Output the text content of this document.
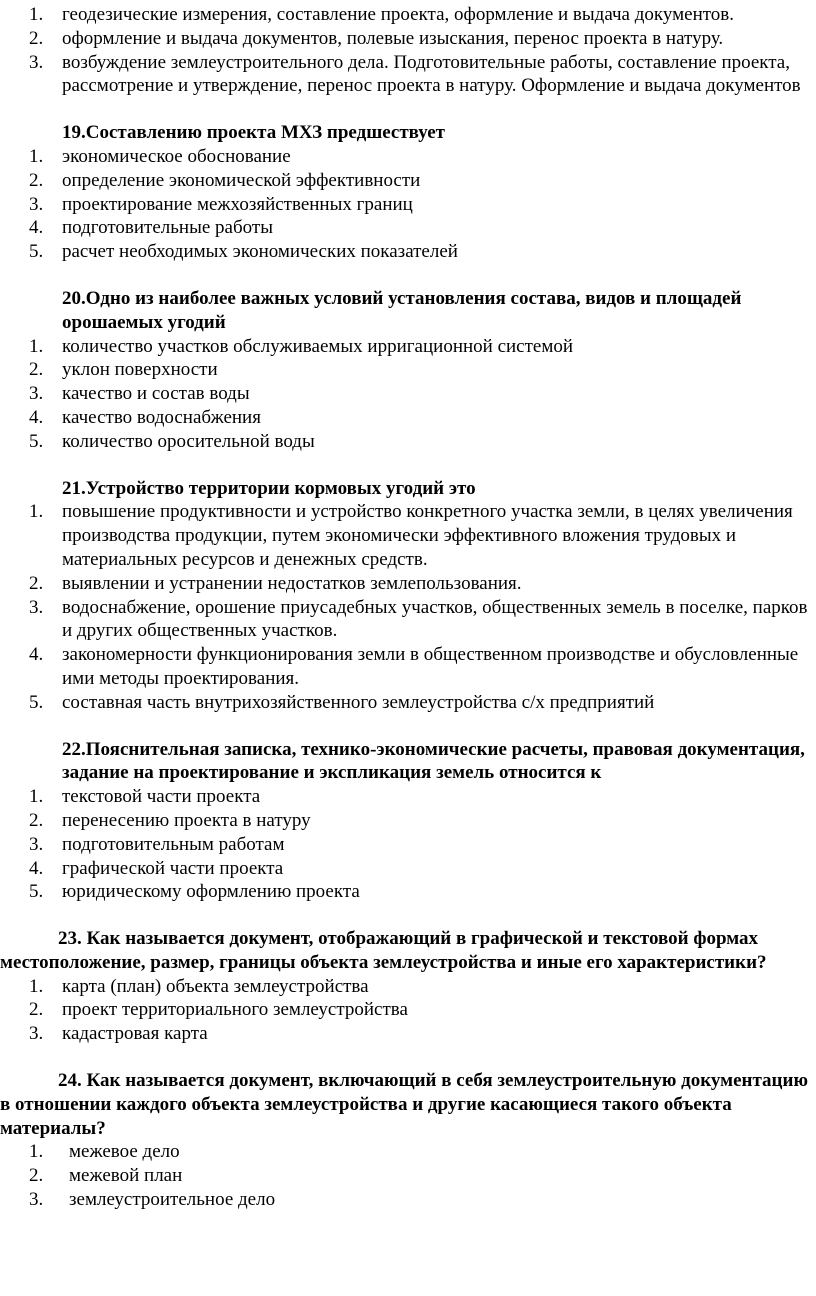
1. геодезические измерения, составление проекта, оформление и выдача документов.
2. оформление и выдача документов, полевые изыскания, перенос проекта в натуру.
3. возбуждение землеустроительного дела. Подготовительные работы, составление проекта, рассмотрение и утверждение, перенос проекта в натуру. Оформление и выдача документов
19.Составлению проекта МХЗ предшествует
1. экономическое обоснование
2. определение экономической эффективности
3. проектирование межхозяйственных границ
4. подготовительные работы
5. расчет необходимых экономических показателей
20.Одно из наиболее важных условий установления состава, видов и площадей орошаемых угодий
1. количество участков обслуживаемых ирригационной системой
2. уклон поверхности
3. качество и состав воды
4. качество водоснабжения
5. количество оросительной воды
21.Устройство территории кормовых угодий это
1. повышение продуктивности и устройство конкретного участка земли, в целях увеличения производства продукции, путем экономически эффективного вложения трудовых и материальных ресурсов и денежных средств.
2. выявлении и устранении недостатков землепользования.
3. водоснабжение, орошение приусадебных участков, общественных земель в поселке, парков и других общественных участков.
4. закономерности функционирования земли в общественном производстве и обусловленные ими методы проектирования.
5. составная часть внутрихозяйственного землеустройства с/х предприятий
22.Пояснительная записка, технико-экономические расчеты, правовая документация, задание на проектирование и экспликация земель относится к
1. текстовой части проекта
2. перенесению проекта в натуру
3. подготовительным работам
4. графической части проекта
5. юридическому оформлению проекта
23. Как называется документ, отображающий в графической и текстовой формах местоположение, размер, границы объекта землеустройства и иные его характеристики?
1. карта (план) объекта землеустройства
2. проект территориального землеустройства
3. кадастровая карта
24. Как называется документ, включающий в себя землеустроительную документацию в отношении каждого объекта землеустройства и другие касающиеся такого объекта материалы?
1. межевое дело
2. межевой план
3. землеустроительное дело
